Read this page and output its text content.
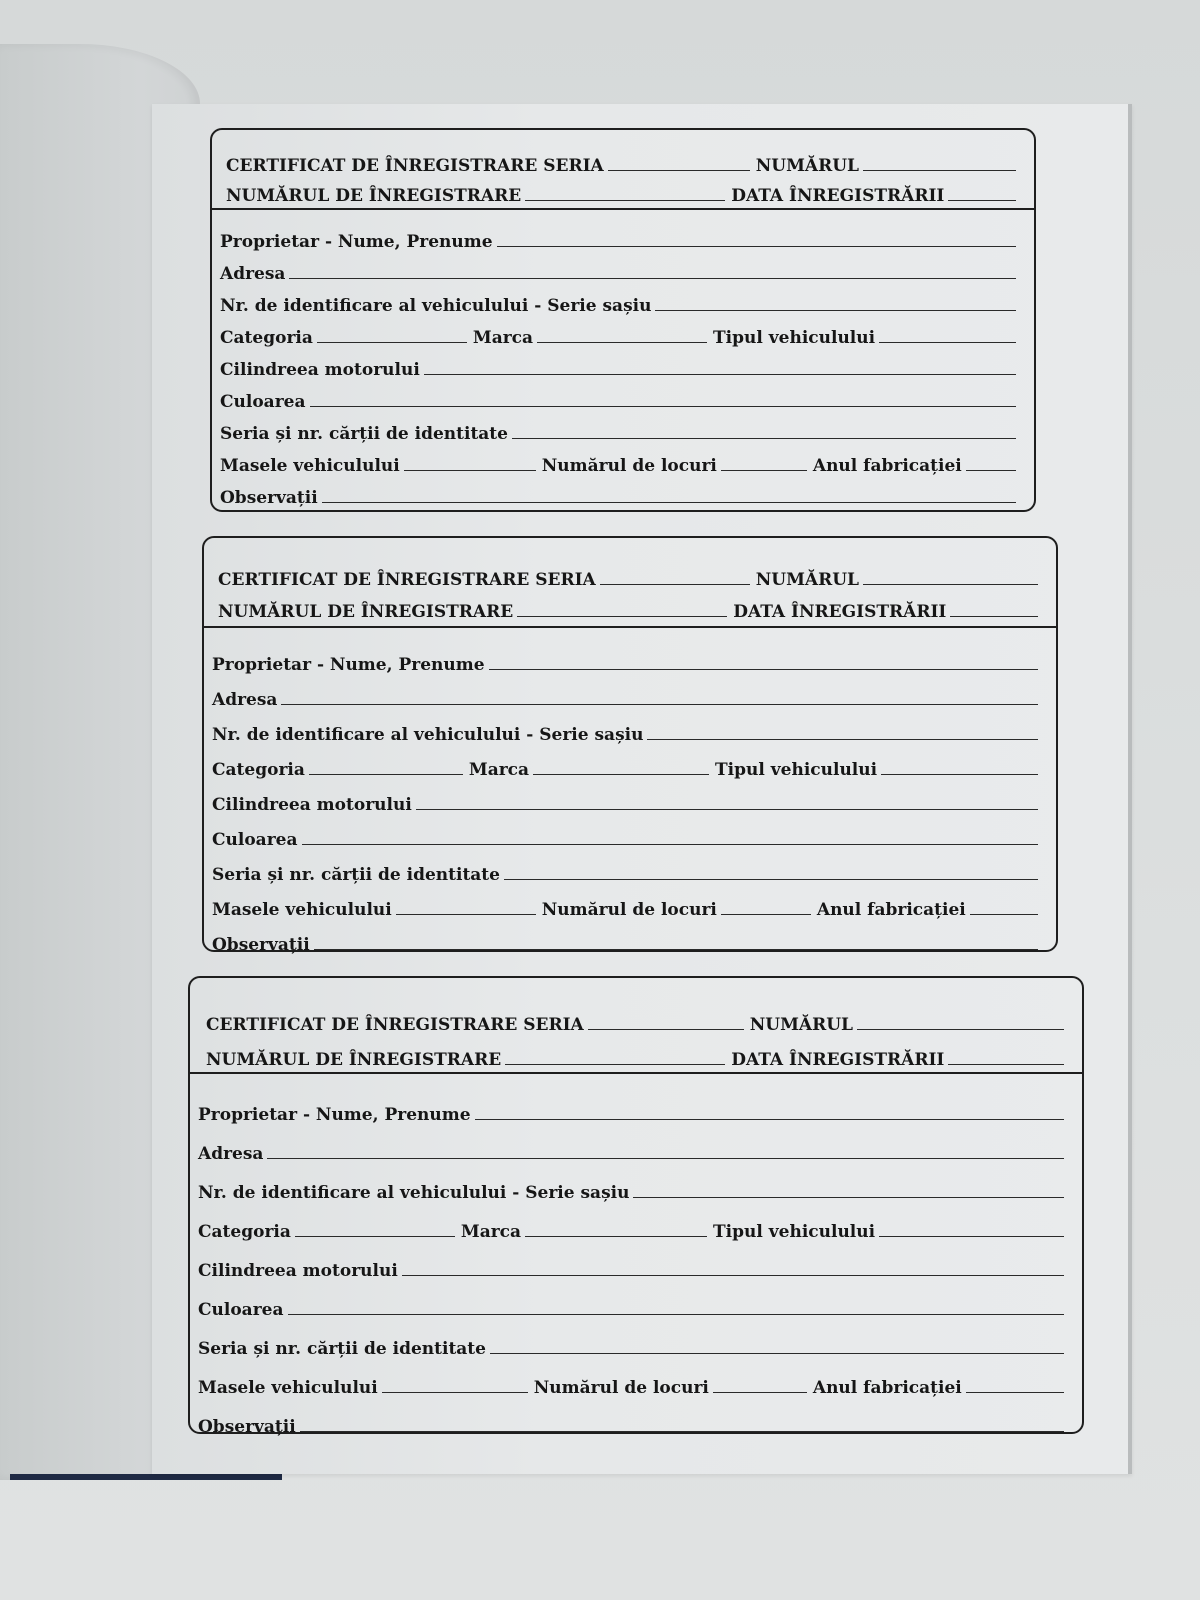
CERTIFICAT DE ÎNREGISTRARE SERIA	NUMĂRUL
NUMĂRUL DE ÎNREGISTRARE	DATA ÎNREGISTRĂRII
Proprietar - Nume, Prenume
Adresa
Nr. de identificare al vehiculului - Serie sașiu
Categoria	Marca	Tipul vehiculului
Cilindreea motorului
Culoarea
Seria și nr. cărții de identitate
Masele vehiculului	Numărul de locuri	Anul fabricației
Observații
CERTIFICAT DE ÎNREGISTRARE SERIA	NUMĂRUL
NUMĂRUL DE ÎNREGISTRARE	DATA ÎNREGISTRĂRII
Proprietar - Nume, Prenume
Adresa
Nr. de identificare al vehiculului - Serie sașiu
Categoria	Marca	Tipul vehiculului
Cilindreea motorului
Culoarea
Seria și nr. cărții de identitate
Masele vehiculului	Numărul de locuri	Anul fabricației
Observații
CERTIFICAT DE ÎNREGISTRARE SERIA	NUMĂRUL
NUMĂRUL DE ÎNREGISTRARE	DATA ÎNREGISTRĂRII
Proprietar - Nume, Prenume
Adresa
Nr. de identificare al vehiculului - Serie sașiu
Categoria	Marca	Tipul vehiculului
Cilindreea motorului
Culoarea
Seria și nr. cărții de identitate
Masele vehiculului	Numărul de locuri	Anul fabricației
Observații
